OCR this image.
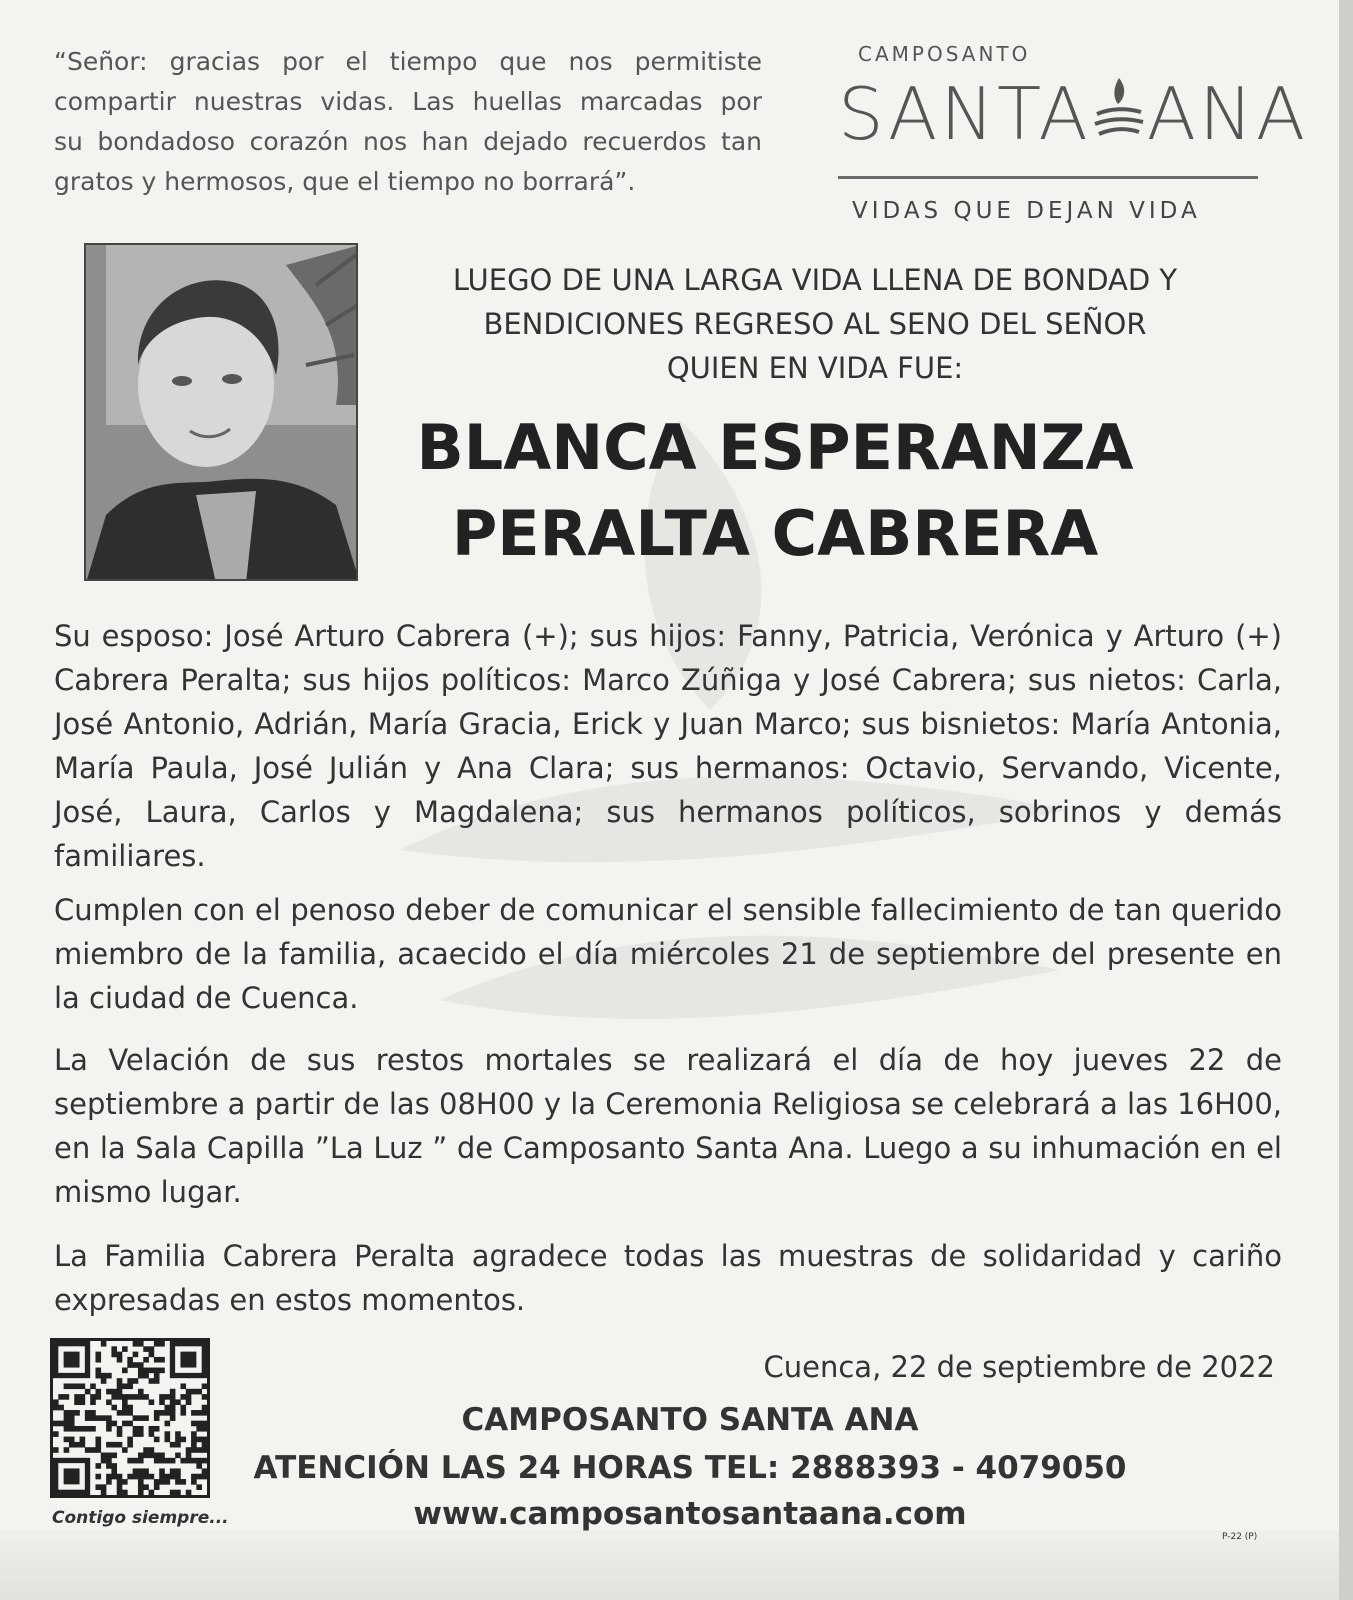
“Señor: gracias por el tiempo que nos permitiste
compartir nuestras vidas. Las huellas marcadas por
su bondadoso corazón nos han dejado recuerdos tan
gratos y hermosos, que el tiempo no borrará”.
CAMPOSANTO
SANTA ANA
VIDAS QUE DEJAN VIDA
LUEGO DE UNA LARGA VIDA LLENA DE BONDAD Y
BENDICIONES REGRESO AL SENO DEL SEÑOR
QUIEN EN VIDA FUE:
BLANCA ESPERANZA
PERALTA CABRERA
Su esposo: José Arturo Cabrera (+); sus hijos: Fanny, Patricia, Verónica y Arturo (+) Cabrera Peralta; sus hijos políticos: Marco Zúñiga y José Cabrera; sus nietos: Carla, José Antonio, Adrián, María Gracia, Erick y Juan Marco; sus bisnietos: María Antonia, María Paula, José Julián y Ana Clara; sus hermanos: Octavio, Servando, Vicente, José, Laura, Carlos y Magdalena; sus hermanos políticos, sobrinos y demás familiares.
Cumplen con el penoso deber de comunicar el sensible fallecimiento de tan querido miembro de la familia, acaecido el día miércoles 21 de septiembre del presente en la ciudad de Cuenca.
La Velación de sus restos mortales se realizará el día de hoy jueves 22 de septiembre a partir de las 08H00 y la Ceremonia Religiosa se celebrará a las 16H00, en la Sala Capilla ”La Luz ” de Camposanto Santa Ana. Luego a su inhumación en el mismo lugar.
La Familia Cabrera Peralta agradece todas las muestras de solidaridad y cariño expresadas en estos momentos.
Contigo siempre...
Cuenca, 22 de septiembre de 2022
CAMPOSANTO SANTA ANA
ATENCIÓN LAS 24 HORAS TEL: 2888393 - 4079050
www.camposantosantaana.com
P-22 (P)
